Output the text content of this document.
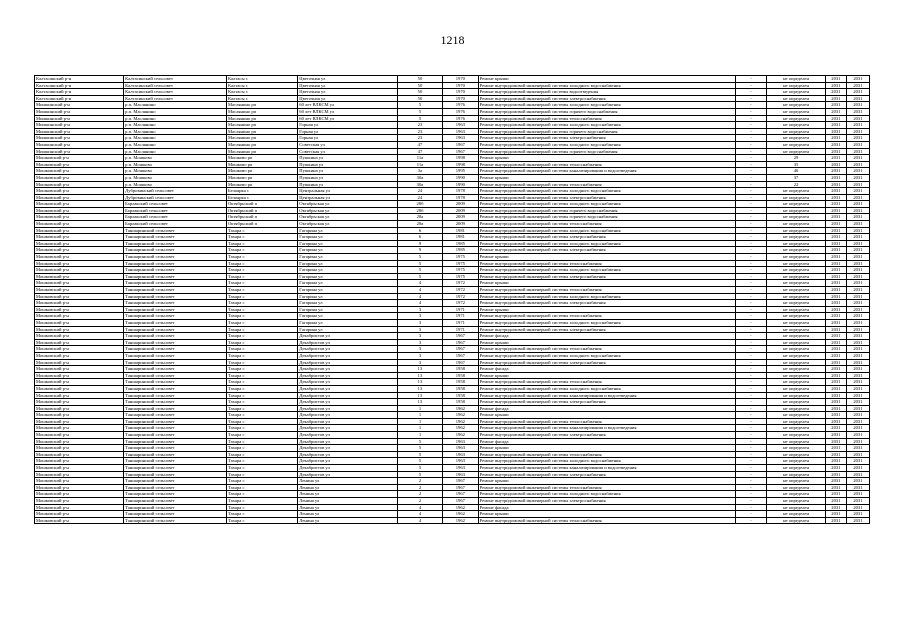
1218
Калтасинский р-н	Калтасинский сельсовет	Калтасы с	Цветочная ул	50	1970	Ремонт крыши	-	не определен	2031	2031
Калтасинский р-н	Калтасинский сельсовет	Калтасы с	Цветочная ул	50	1970	Ремонт внутридомовой инженерной системы холодного водоснабжения	-	не определен	2031	2031
Калтасинский р-н	Калтасинский сельсовет	Калтасы с	Цветочная ул	50	1970	Ремонт внутридомовой инженерной системы водоотведения	-	не определен	2031	2031
Калтасинский р-н	Калтасинский сельсовет	Калтасы с	Цветочная ул	50	1970	Ремонт внутридомовой инженерной системы электроснабжения	-	не определен	2031	2031
Мишкинский р-н	р.п. Маслянино	Маслянино рп	60 лет ВЛКСМ ул	5	1976	Ремонт внутридомовой инженерной системы холодного водоснабжения	-	не определен	2031	2031
Мишкинский р-н	р.п. Маслянино	Маслянино рп	60 лет ВЛКСМ ул	5	1976	Ремонт внутридомовой инженерной системы горячего водоснабжения	-	не определен	2031	2031
Мишкинский р-н	р.п. Маслянино	Маслянино рп	60 лет ВЛКСМ ул	5	1976	Ремонт внутридомовой инженерной системы теплоснабжения	-	не определен	2031	2031
Мишкинский р-н	р.п. Маслянино	Маслянино рп	Горная ул	23	1963	Ремонт внутридомовой инженерной системы холодного водоснабжения	-	не определен	2031	2031
Мишкинский р-н	р.п. Маслянино	Маслянино рп	Горная ул	23	1963	Ремонт внутридомовой инженерной системы горячего водоснабжения	-	не определен	2031	2031
Мишкинский р-н	р.п. Маслянино	Маслянино рп	Горная ул	23	1963	Ремонт внутридомовой инженерной системы электроснабжения	-	не определен	2031	2031
Мишкинский р-н	р.п. Маслянино	Маслянино рп	Советская ул	47	1967	Ремонт внутридомовой инженерной системы холодного водоснабжения	-	не определен	2031	2031
Мишкинский р-н	р.п. Маслянино	Маслянино рп	Советская ул	47	1967	Ремонт внутридомовой инженерной системы горячего водоснабжения	-	не определен	2031	2031
Мошковский р-н	р.п. Мошково	Мошково рп	Пушкина ул	11а	1998	Ремонт крыши	-	29	2031	2031
Мошковский р-н	р.п. Мошково	Мошково рп	Пушкина ул	11а	1998	Ремонт внутридомовой инженерной системы теплоснабжения	-	35	2031	2031
Мошковский р-н	р.п. Мошково	Мошково рп	Пушкина ул	3а	1995	Ремонт внутридомовой инженерной системы канализирования и водоотведения	-	46	2031	2031
Мошковский р-н	р.п. Мошково	Мошково рп	Пушкина ул	30а	1990	Ремонт крыши	-	37	2031	2031
Мошковский р-н	р.п. Мошково	Мошково рп	Пушкина ул	30а	1990	Ремонт внутридомовой инженерной системы теплоснабжения	-	22	2031	2031
Мошковский р-н	Дубровинский сельсовет	Белоярка с	Центральная ул	24	1978	Ремонт внутридомовой инженерной системы холодного водоснабжения	-	не определен	2031	2031
Мошковский р-н	Дубровинский сельсовет	Белоярка с	Центральная ул	24	1978	Ремонт внутридомовой инженерной системы электроснабжения	-	не определен	2031	2031
Мошковский р-н	Барлакский сельсовет	Октябрьский п	Октябрьская ул	28б	2009	Ремонт внутридомовой инженерной системы холодного водоснабжения	-	не определен	2031	2031
Мошковский р-н	Барлакский сельсовет	Октябрьский п	Октябрьская ул	28б	2009	Ремонт внутридомовой инженерной системы горячего водоснабжения	-	не определен	2031	2031
Мошковский р-н	Барлакский сельсовет	Октябрьский п	Октябрьская ул	28а	2009	Ремонт внутридомовой инженерной системы горячего водоснабжения	-	не определен	2031	2031
Мошковский р-н	Барлакский сельсовет	Октябрьский п	Октябрьская ул	28а	2009	Ремонт внутридомовой инженерной системы теплоснабжения	-	не определен	2031	2031
Мошковский р-н	Таншаринский сельсовет	Тахара с	Гагарина ул	6	1981	Ремонт внутридомовой инженерной системы холодного водоснабжения	-	не определен	2031	2031
Мошковский р-н	Таншаринский сельсовет	Тахара с	Гагарина ул	6	1981	Ремонт внутридомовой инженерной системы электроснабжения	-	не определен	2031	2031
Мошковский р-н	Таншаринский сельсовет	Тахара с	Гагарина ул	9	1985	Ремонт внутридомовой инженерной системы холодного водоснабжения	-	не определен	2031	2031
Мошковский р-н	Таншаринский сельсовет	Тахара с	Гагарина ул	9	1985	Ремонт внутридомовой инженерной системы электроснабжения	-	не определен	2031	2031
Мошковский р-н	Таншаринский сельсовет	Тахара с	Гагарина ул	5	1975	Ремонт крыши	-	не определен	2031	2031
Мошковский р-н	Таншаринский сельсовет	Тахара с	Гагарина ул	5	1975	Ремонт внутридомовой инженерной системы теплоснабжения	-	не определен	2031	2031
Мошковский р-н	Таншаринский сельсовет	Тахара с	Гагарина ул	5	1975	Ремонт внутридомовой инженерной системы холодного водоснабжения	-	не определен	2031	2031
Мошковский р-н	Таншаринский сельсовет	Тахара с	Гагарина ул	5	1975	Ремонт внутридомовой инженерной системы электроснабжения	-	не определен	2031	2031
Мошковский р-н	Таншаринский сельсовет	Тахара с	Гагарина ул	4	1972	Ремонт крыши	-	не определен	2031	2031
Мошковский р-н	Таншаринский сельсовет	Тахара с	Гагарина ул	4	1972	Ремонт внутридомовой инженерной системы теплоснабжения	-	не определен	2031	2031
Мошковский р-н	Таншаринский сельсовет	Тахара с	Гагарина ул	4	1972	Ремонт внутридомовой инженерной системы холодного водоснабжения	-	не определен	2031	2031
Мошковский р-н	Таншаринский сельсовет	Тахара с	Гагарина ул	4	1972	Ремонт внутридомовой инженерной системы электроснабжения	-	не определен	2031	2031
Мошковский р-н	Таншаринский сельсовет	Тахара с	Гагарина ул	3	1971	Ремонт крыши	-	не определен	2031	2031
Мошковский р-н	Таншаринский сельсовет	Тахара с	Гагарина ул	3	1971	Ремонт внутридомовой инженерной системы теплоснабжения	-	не определен	2031	2031
Мошковский р-н	Таншаринский сельсовет	Тахара с	Гагарина ул	3	1971	Ремонт внутридомовой инженерной системы холодного водоснабжения	-	не определен	2031	2031
Мошковский р-н	Таншаринский сельсовет	Тахара с	Гагарина ул	3	1971	Ремонт внутридомовой инженерной системы электроснабжения	-	не определен	2031	2031
Мошковский р-н	Таншаринский сельсовет	Тахара с	Декабристов ул	3	1967	Ремонт фасада	-	не определен	2031	2031
Мошковский р-н	Таншаринский сельсовет	Тахара с	Декабристов ул	3	1967	Ремонт крыши	-	не определен	2031	2031
Мошковский р-н	Таншаринский сельсовет	Тахара с	Декабристов ул	3	1967	Ремонт внутридомовой инженерной системы теплоснабжения	-	не определен	2031	2031
Мошковский р-н	Таншаринский сельсовет	Тахара с	Декабристов ул	3	1967	Ремонт внутридомовой инженерной системы холодного водоснабжения	-	не определен	2031	2031
Мошковский р-н	Таншаринский сельсовет	Тахара с	Декабристов ул	3	1967	Ремонт внутридомовой инженерной системы электроснабжения	-	не определен	2031	2031
Мошковский р-н	Таншаринский сельсовет	Тахара с	Декабристов ул	13	1958	Ремонт фасада	-	не определен	2031	2031
Мошковский р-н	Таншаринский сельсовет	Тахара с	Декабристов ул	13	1958	Ремонт крыши	-	не определен	2031	2031
Мошковский р-н	Таншаринский сельсовет	Тахара с	Декабристов ул	13	1958	Ремонт внутридомовой инженерной системы теплоснабжения	-	не определен	2031	2031
Мошковский р-н	Таншаринский сельсовет	Тахара с	Декабристов ул	13	1958	Ремонт внутридомовой инженерной системы холодного водоснабжения	-	не определен	2031	2031
Мошковский р-н	Таншаринский сельсовет	Тахара с	Декабристов ул	13	1958	Ремонт внутридомовой инженерной системы канализирования и водоотведения	-	не определен	2031	2031
Мошковский р-н	Таншаринский сельсовет	Тахара с	Декабристов ул	13	1958	Ремонт внутридомовой инженерной системы электроснабжения	-	не определен	2031	2031
Мошковский р-н	Таншаринский сельсовет	Тахара с	Декабристов ул	1	1962	Ремонт фасада	-	не определен	2031	2031
Мошковский р-н	Таншаринский сельсовет	Тахара с	Декабристов ул	1	1962	Ремонт крыши	-	не определен	2031	2031
Мошковский р-н	Таншаринский сельсовет	Тахара с	Декабристов ул	1	1962	Ремонт внутридомовой инженерной системы теплоснабжения	-	не определен	2031	2031
Мошковский р-н	Таншаринский сельсовет	Тахара с	Декабристов ул	1	1962	Ремонт внутридомовой инженерной системы канализирования и водоотведения	-	не определен	2031	2031
Мошковский р-н	Таншаринский сельсовет	Тахара с	Декабристов ул	1	1962	Ремонт внутридомовой инженерной системы электроснабжения	-	не определен	2031	2031
Мошковский р-н	Таншаринский сельсовет	Тахара с	Декабристов ул	5	1963	Ремонт фасада	-	не определен	2031	2031
Мошковский р-н	Таншаринский сельсовет	Тахара с	Декабристов ул	5	1963	Ремонт крыши	-	не определен	2031	2031
Мошковский р-н	Таншаринский сельсовет	Тахара с	Декабристов ул	5	1963	Ремонт внутридомовой инженерной системы теплоснабжения	-	не определен	2031	2031
Мошковский р-н	Таншаринский сельсовет	Тахара с	Декабристов ул	5	1963	Ремонт внутридомовой инженерной системы холодного водоснабжения	-	не определен	2031	2031
Мошковский р-н	Таншаринский сельсовет	Тахара с	Декабристов ул	5	1963	Ремонт внутридомовой инженерной системы канализирования и водоотведения	-	не определен	2031	2031
Мошковский р-н	Таншаринский сельсовет	Тахара с	Декабристов ул	5	1963	Ремонт внутридомовой инженерной системы электроснабжения	-	не определен	2031	2031
Мошковский р-н	Таншаринский сельсовет	Тахара с	Ленина ул	2	1967	Ремонт крыши	-	не определен	2031	2031
Мошковский р-н	Таншаринский сельсовет	Тахара с	Ленина ул	2	1967	Ремонт внутридомовой инженерной системы теплоснабжения	-	не определен	2031	2031
Мошковский р-н	Таншаринский сельсовет	Тахара с	Ленина ул	2	1967	Ремонт внутридомовой инженерной системы холодного водоснабжения	-	не определен	2031	2031
Мошковский р-н	Таншаринский сельсовет	Тахара с	Ленина ул	2	1967	Ремонт внутридомовой инженерной системы электроснабжения	-	не определен	2031	2031
Мошковский р-н	Таншаринский сельсовет	Тахара с	Ленина ул	4	1962	Ремонт фасада	-	не определен	2031	2031
Мошковский р-н	Таншаринский сельсовет	Тахара с	Ленина ул	4	1962	Ремонт крыши	-	не определен	2031	2031
Мошковский р-н	Таншаринский сельсовет	Тахара с	Ленина ул	4	1962	Ремонт внутридомовой инженерной системы теплоснабжения	-	не определен	2031	2031
